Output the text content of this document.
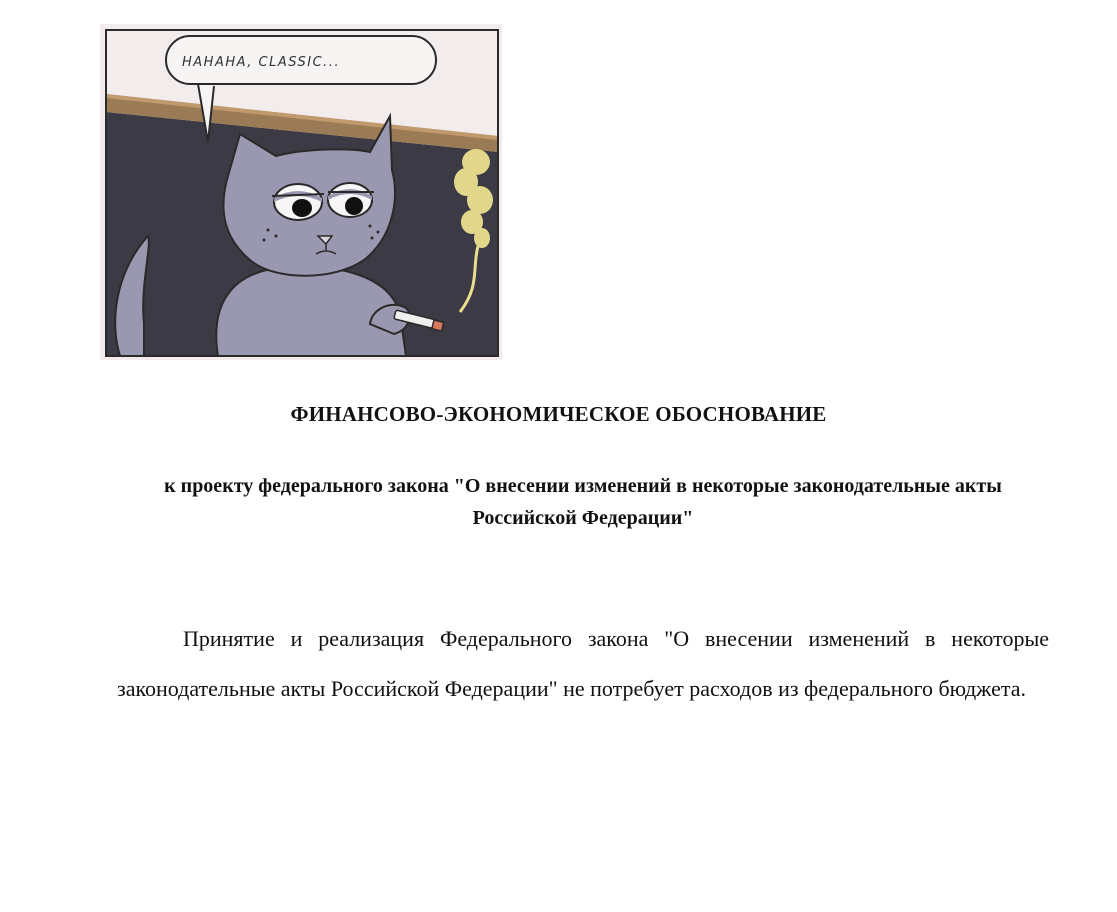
HAHAHA, CLASSIC...
ФИНАНСОВО-ЭКОНОМИЧЕСКОЕ ОБОСНОВАНИЕ
к проекту федерального закона "О внесении изменений в некоторые законодательные акты Российской Федерации"
Принятие и реализация Федерального закона "О внесении изменений в некоторые законодательные акты Российской Федерации" не потребует расходов из федерального бюджета.
